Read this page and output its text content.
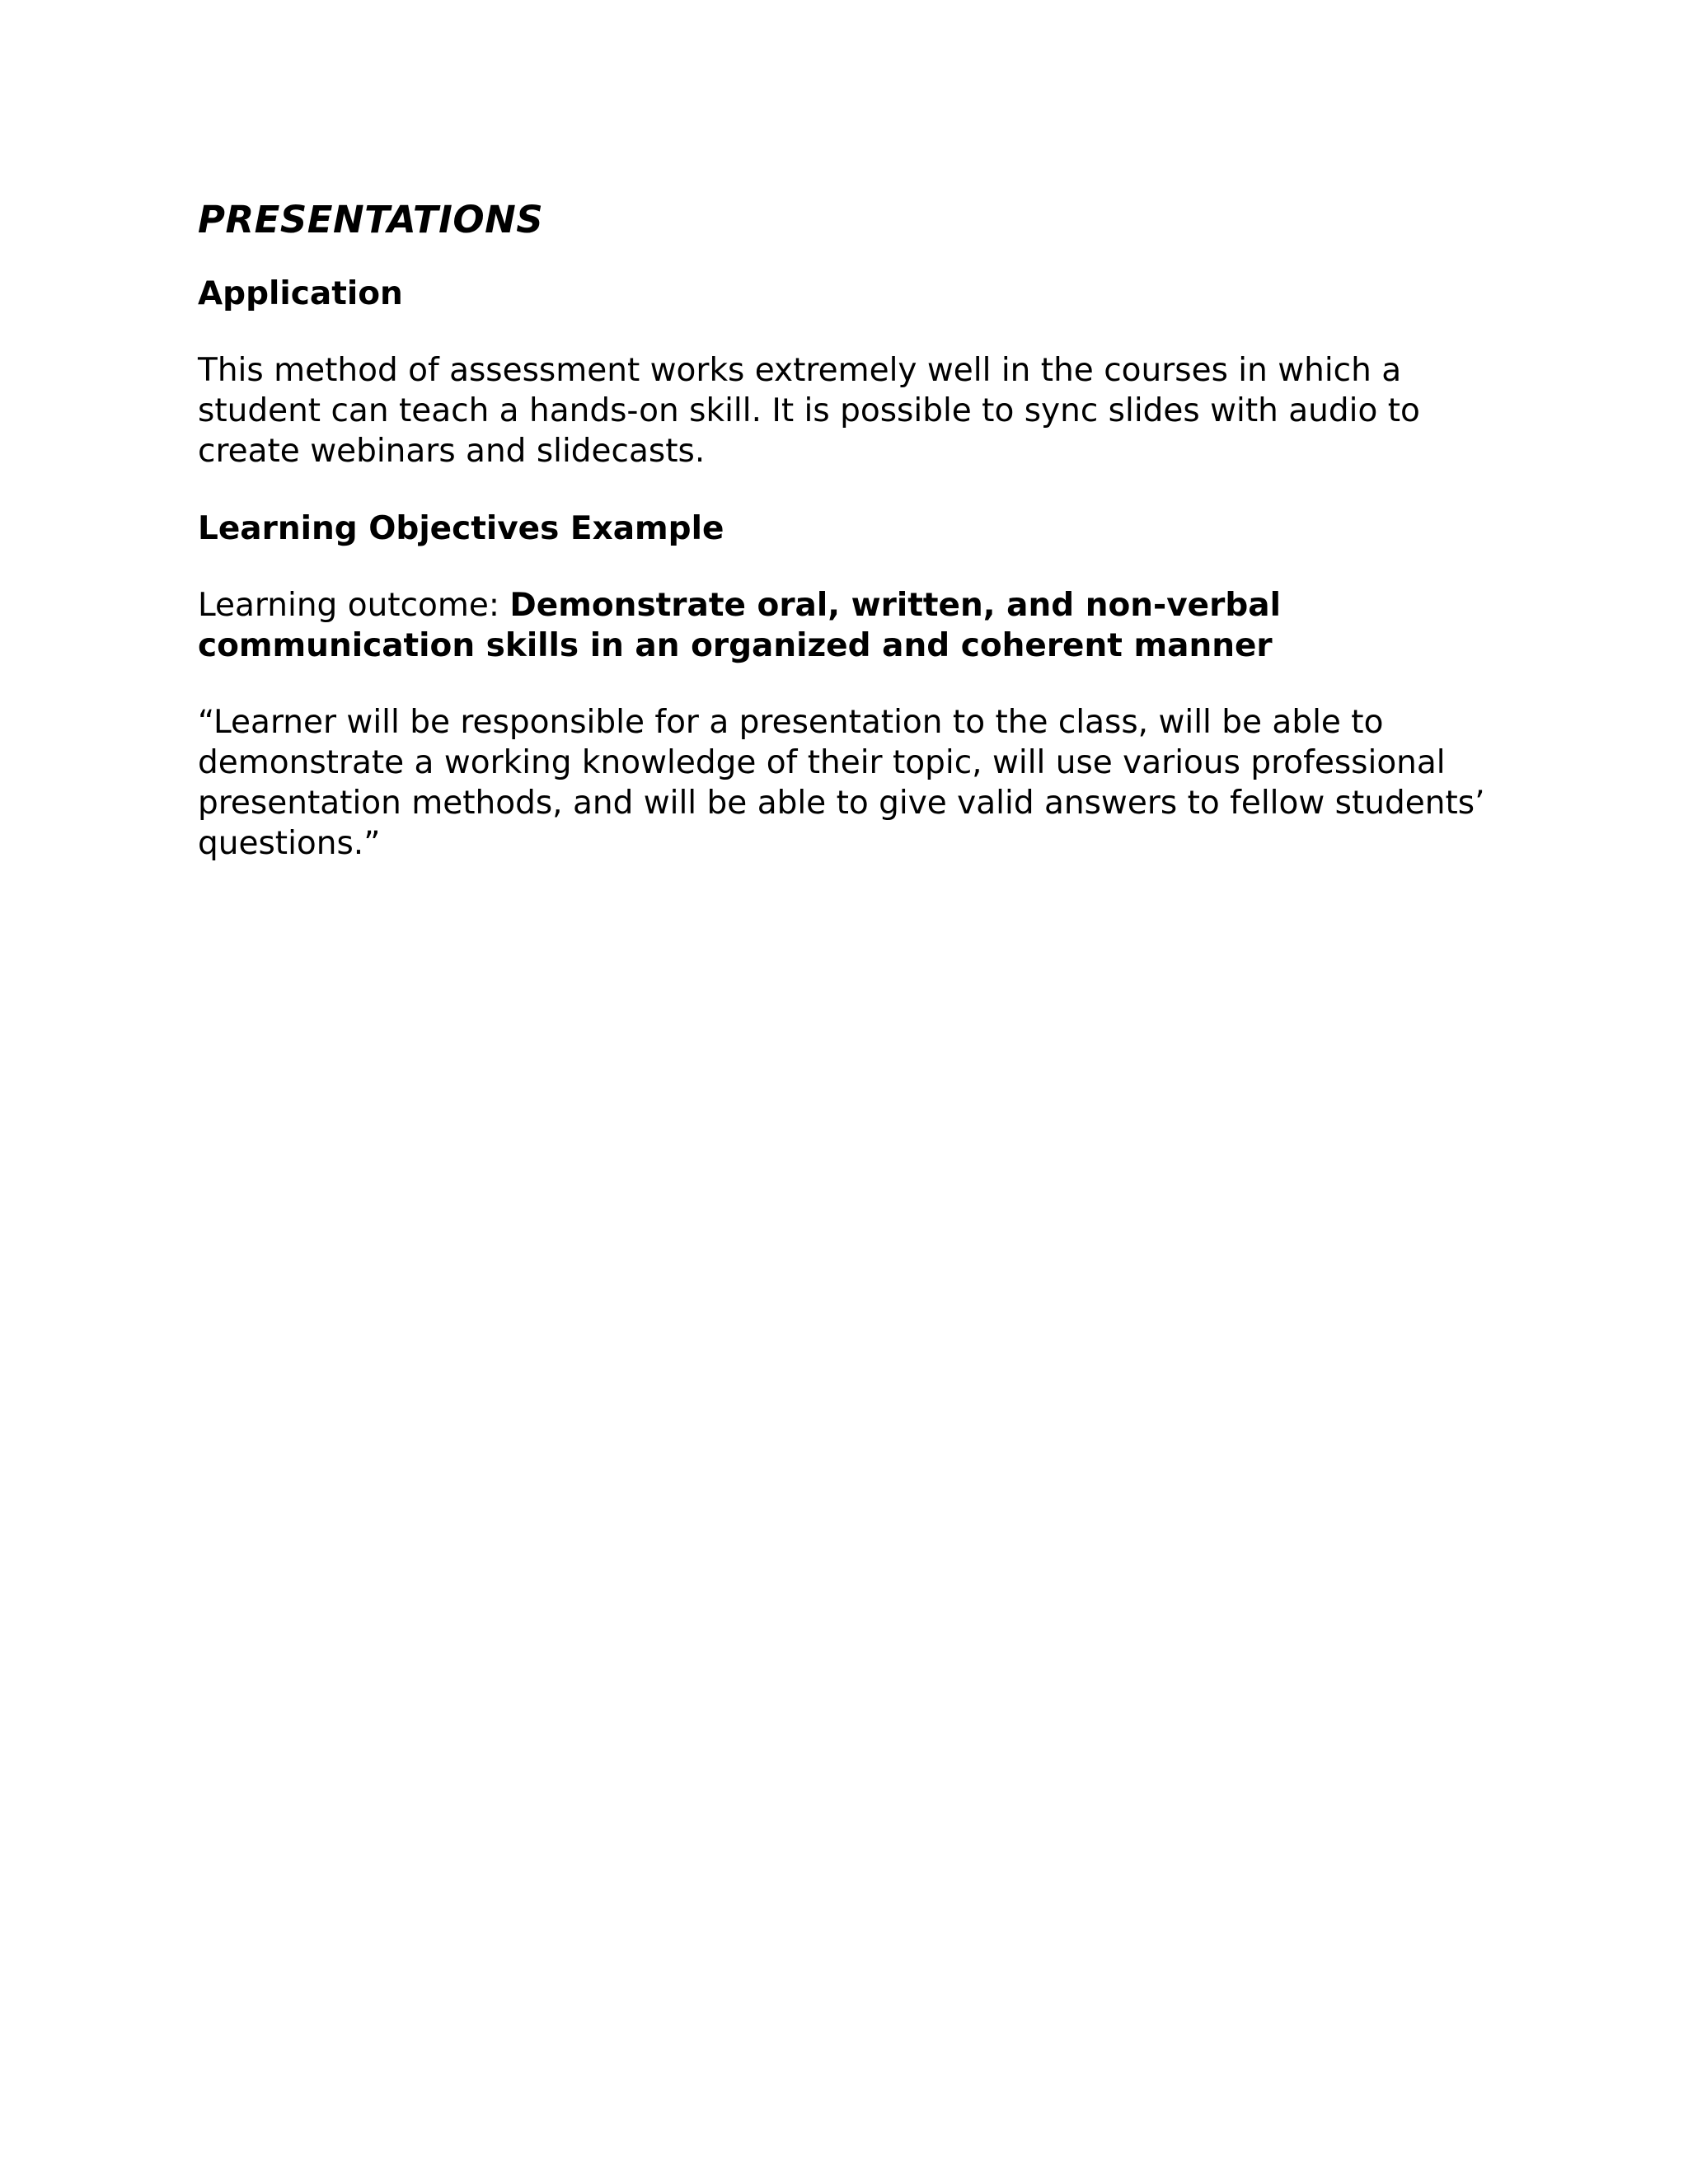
PRESENTATIONS
Application

This method of assessment works extremely well in the courses in which a student can teach a hands-on skill. It is possible to sync slides with audio to create webinars and slidecasts.

Learning Objectives Example

Learning outcome: Demonstrate oral, written, and non-verbal communication skills in an organized and coherent manner

“Learner will be responsible for a presentation to the class, will be able to demonstrate a working knowledge of their topic, will use various professional presentation methods, and will be able to give valid answers to fellow students’ questions.”
